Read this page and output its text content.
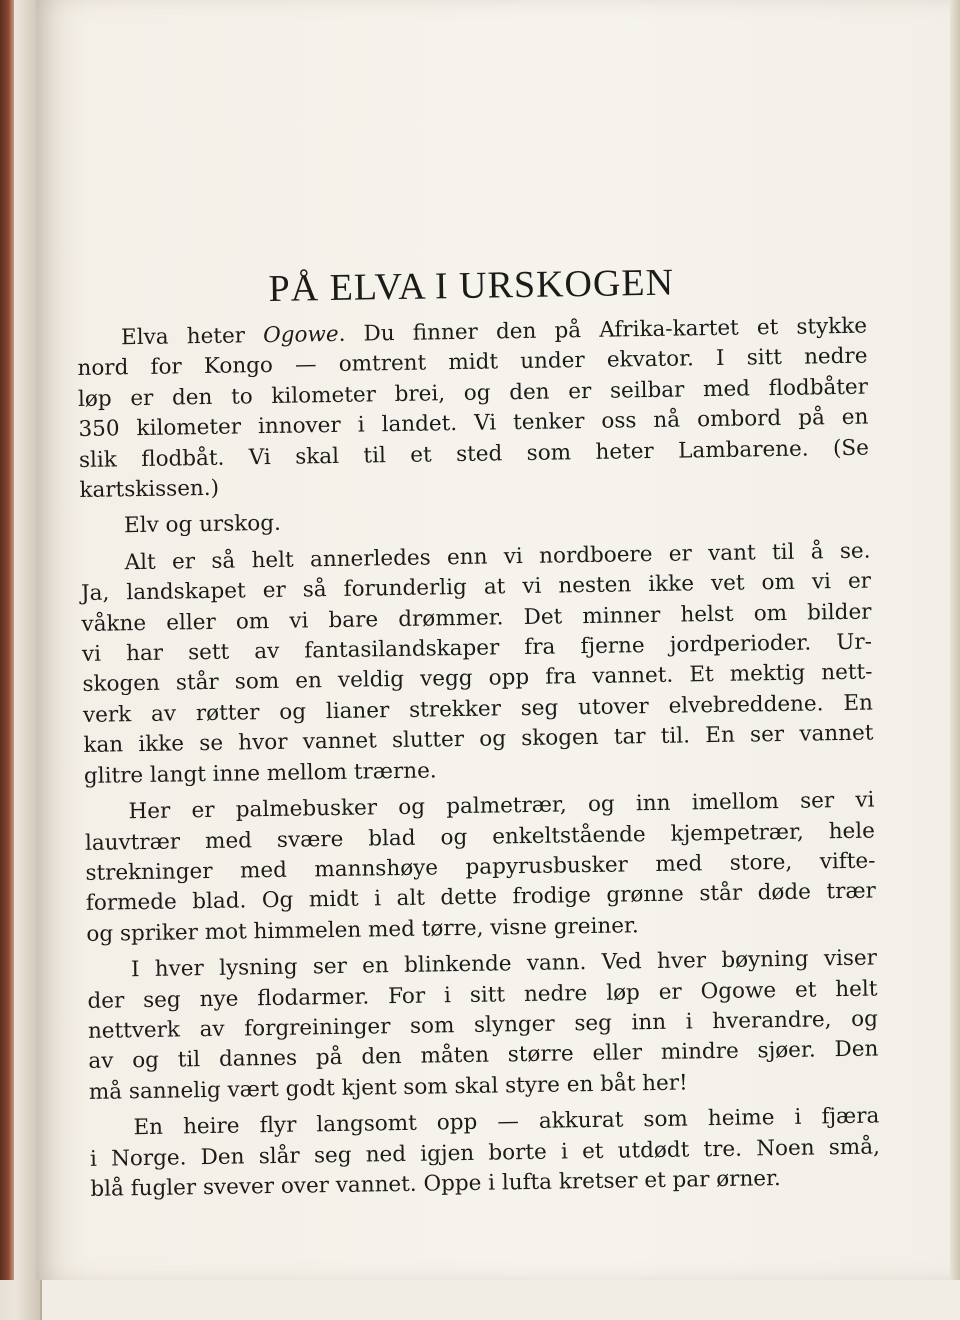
PÅ ELVA I URSKOGEN

Elva heter Ogowe. Du finner den på Afrika-kartet et stykke
nord for Kongo — omtrent midt under ekvator. I sitt nedre
løp er den to kilometer brei, og den er seilbar med flodbåter
350 kilometer innover i landet. Vi tenker oss nå ombord på en
slik flodbåt. Vi skal til et sted som heter Lambarene. (Se
kartskissen.)

Elv og urskog.

Alt er så helt annerledes enn vi nordboere er vant til å se.
Ja, landskapet er så forunderlig at vi nesten ikke vet om vi er
våkne eller om vi bare drømmer. Det minner helst om bilder
vi har sett av fantasilandskaper fra fjerne jordperioder. Ur-
skogen står som en veldig vegg opp fra vannet. Et mektig nett-
verk av røtter og lianer strekker seg utover elvebreddene. En
kan ikke se hvor vannet slutter og skogen tar til. En ser vannet
glitre langt inne mellom trærne.

Her er palmebusker og palmetrær, og inn imellom ser vi
lauvtrær med svære blad og enkeltstående kjempetrær, hele
strekninger med mannshøye papyrusbusker med store, vifte-
formede blad. Og midt i alt dette frodige grønne står døde trær
og spriker mot himmelen med tørre, visne greiner.

I hver lysning ser en blinkende vann. Ved hver bøyning viser
der seg nye flodarmer. For i sitt nedre løp er Ogowe et helt
nettverk av forgreininger som slynger seg inn i hverandre, og
av og til dannes på den måten større eller mindre sjøer. Den
må sannelig vært godt kjent som skal styre en båt her!

En heire flyr langsomt opp — akkurat som heime i fjæra
i Norge. Den slår seg ned igjen borte i et utdødt tre. Noen små,
blå fugler svever over vannet. Oppe i lufta kretser et par ørner.
